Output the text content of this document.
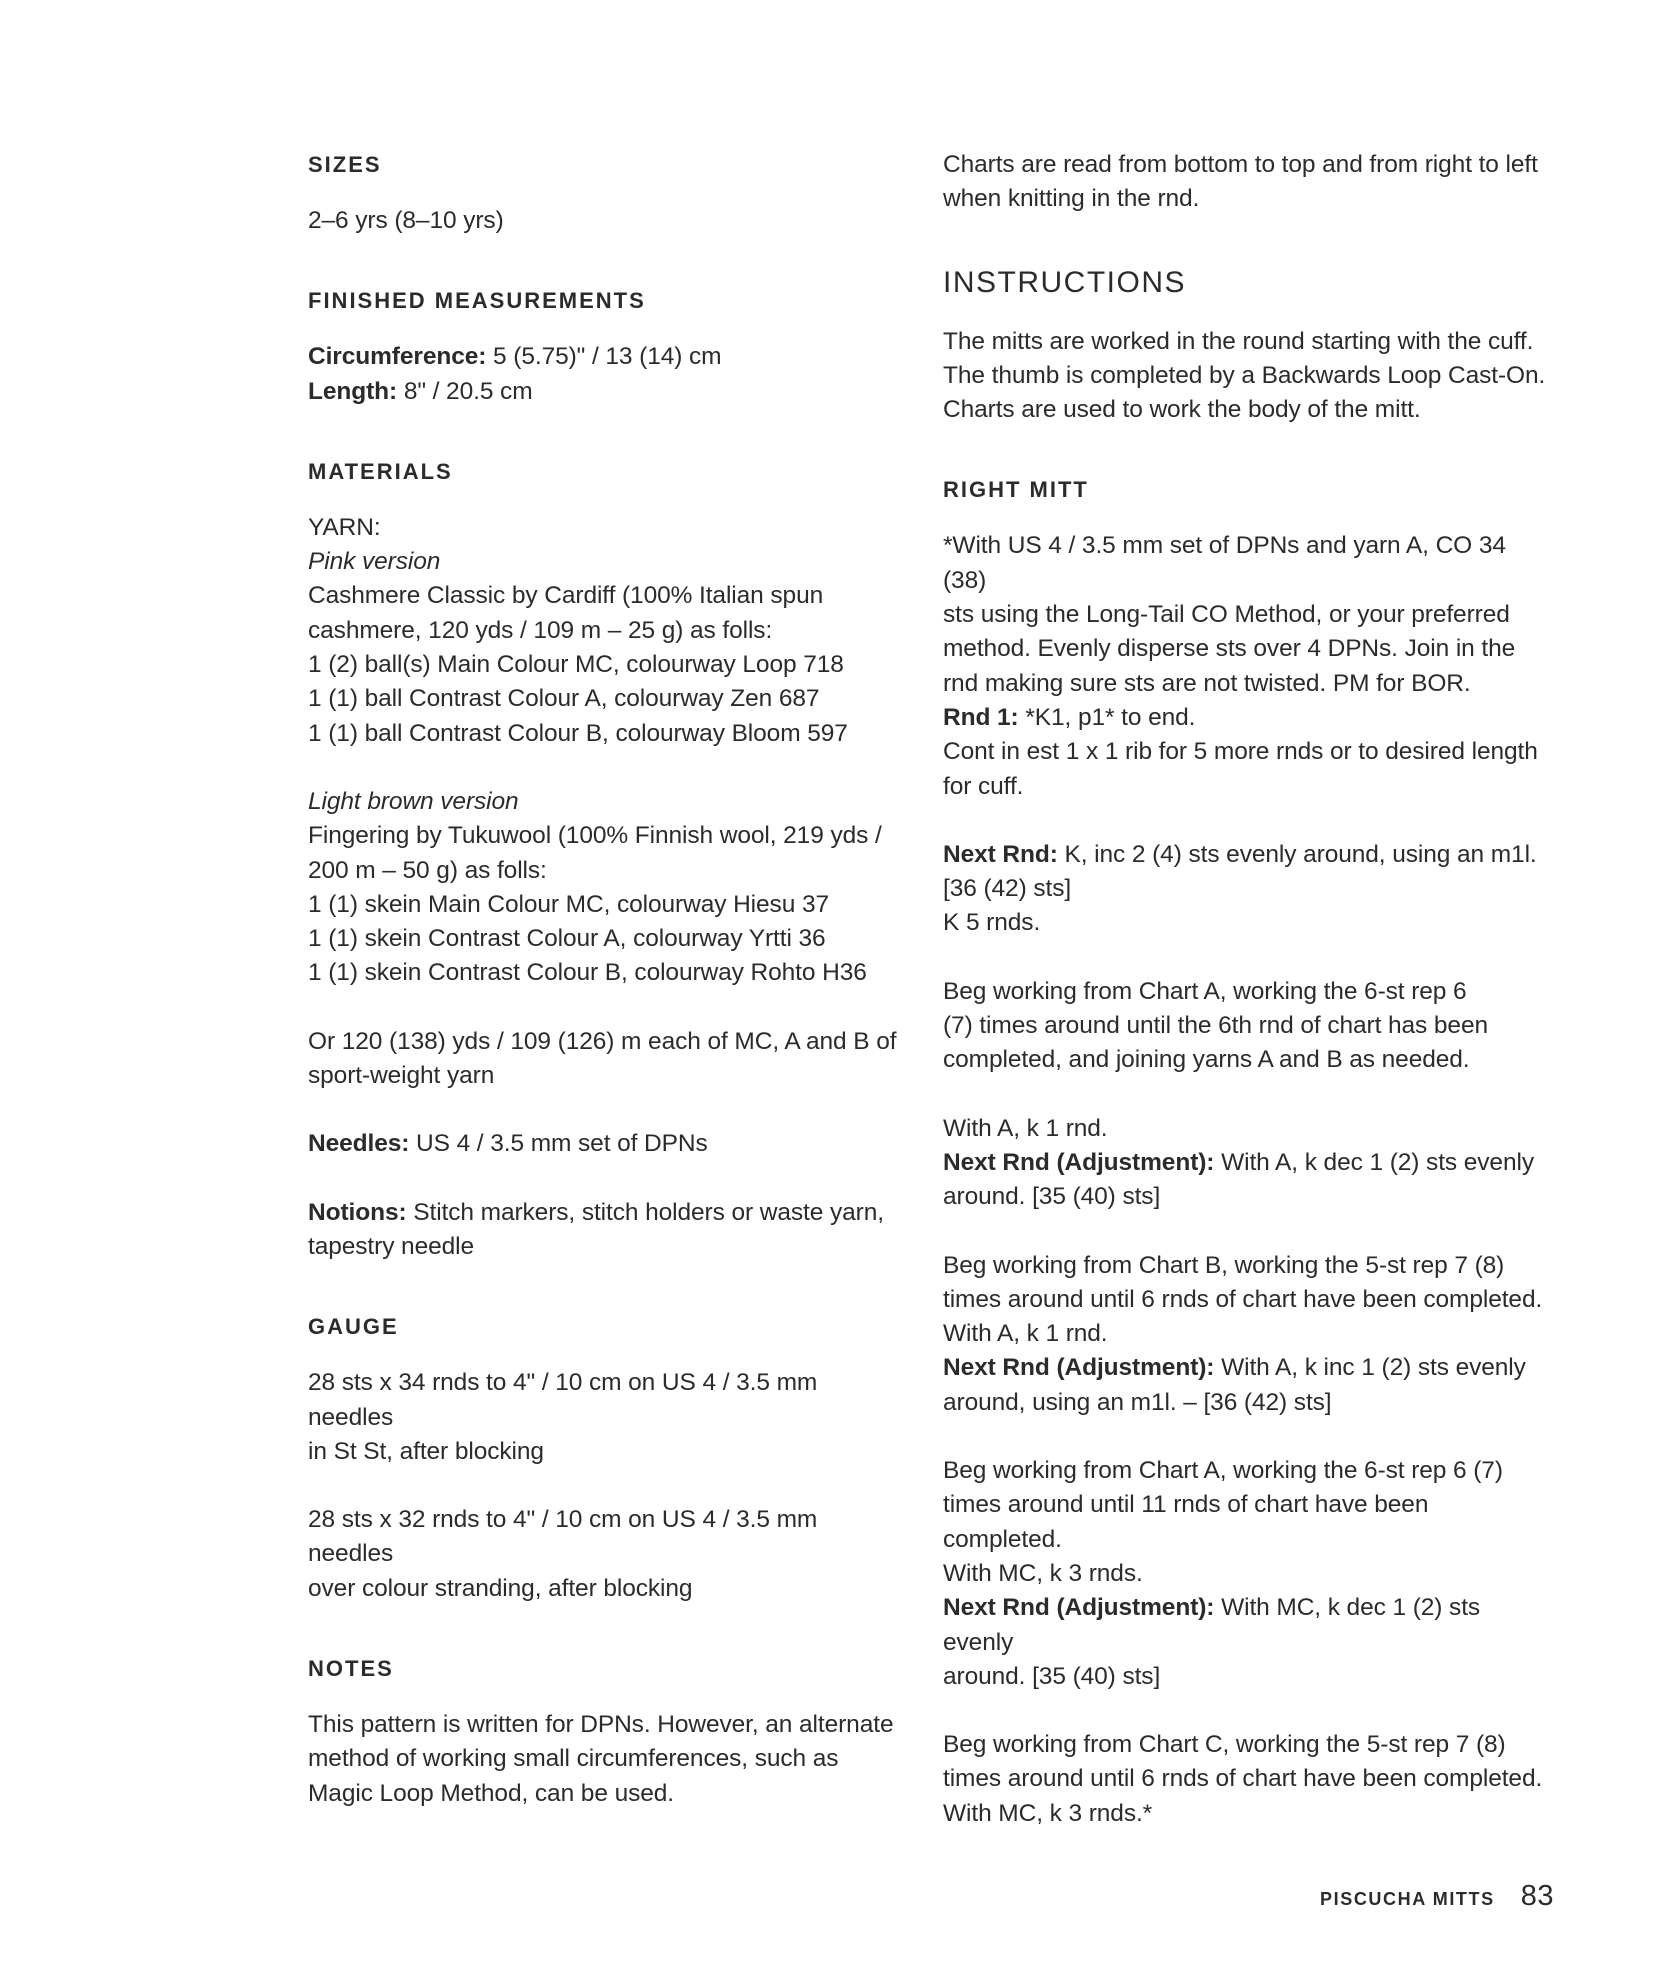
SIZES

2–6 yrs (8–10 yrs)

FINISHED MEASUREMENTS

Circumference: 5 (5.75)" / 13 (14) cm

Length: 8" / 20.5 cm

MATERIALS

YARN:

Pink version

Cashmere Classic by Cardiff (100% Italian spun
cashmere, 120 yds / 109 m – 25 g) as folls:
1 (2) ball(s) Main Colour MC, colourway Loop 718
1 (1) ball Contrast Colour A, colourway Zen 687
1 (1) ball Contrast Colour B, colourway Bloom 597

Light brown version

Fingering by Tukuwool (100% Finnish wool, 219 yds /
200 m – 50 g) as folls:
1 (1) skein Main Colour MC, colourway Hiesu 37
1 (1) skein Contrast Colour A, colourway Yrtti 36
1 (1) skein Contrast Colour B, colourway Rohto H36

Or 120 (138) yds / 109 (126) m each of MC, A and B of
sport-weight yarn

Needles: US 4 / 3.5 mm set of DPNs

Notions: Stitch markers, stitch holders or waste yarn,
tapestry needle

GAUGE

28 sts x 34 rnds to 4" / 10 cm on US 4 / 3.5 mm needles
in St St, after blocking

28 sts x 32 rnds to 4" / 10 cm on US 4 / 3.5 mm needles
over colour stranding, after blocking

NOTES

This pattern is written for DPNs. However, an alternate
method of working small circumferences, such as
Magic Loop Method, can be used.

Charts are read from bottom to top and from right to left
when knitting in the rnd.

INSTRUCTIONS

The mitts are worked in the round starting with the cuff.
The thumb is completed by a Backwards Loop Cast-On.
Charts are used to work the body of the mitt.

RIGHT MITT

*With US 4 / 3.5 mm set of DPNs and yarn A, CO 34 (38)
sts using the Long-Tail CO Method, or your preferred
method. Evenly disperse sts over 4 DPNs. Join in the
rnd making sure sts are not twisted. PM for BOR.

Rnd 1: *K1, p1* to end.

Cont in est 1 x 1 rib for 5 more rnds or to desired length
for cuff.

Next Rnd: K, inc 2 (4) sts evenly around, using an m1l.
[36 (42) sts]
K 5 rnds.

Beg working from Chart A, working the 6-st rep 6
(7) times around until the 6th rnd of chart has been
completed, and joining yarns A and B as needed.

With A, k 1 rnd.

Next Rnd (Adjustment): With A, k dec 1 (2) sts evenly
around. [35 (40) sts]

Beg working from Chart B, working the 5-st rep 7 (8)
times around until 6 rnds of chart have been completed.
With A, k 1 rnd.

Next Rnd (Adjustment): With A, k inc 1 (2) sts evenly
around, using an m1l. – [36 (42) sts]

Beg working from Chart A, working the 6-st rep 6 (7)
times around until 11 rnds of chart have been completed.
With MC, k 3 rnds.

Next Rnd (Adjustment): With MC, k dec 1 (2) sts evenly
around. [35 (40) sts]

Beg working from Chart C, working the 5-st rep 7 (8)
times around until 6 rnds of chart have been completed.
With MC, k 3 rnds.*

PISCUCHA MITTS 83
